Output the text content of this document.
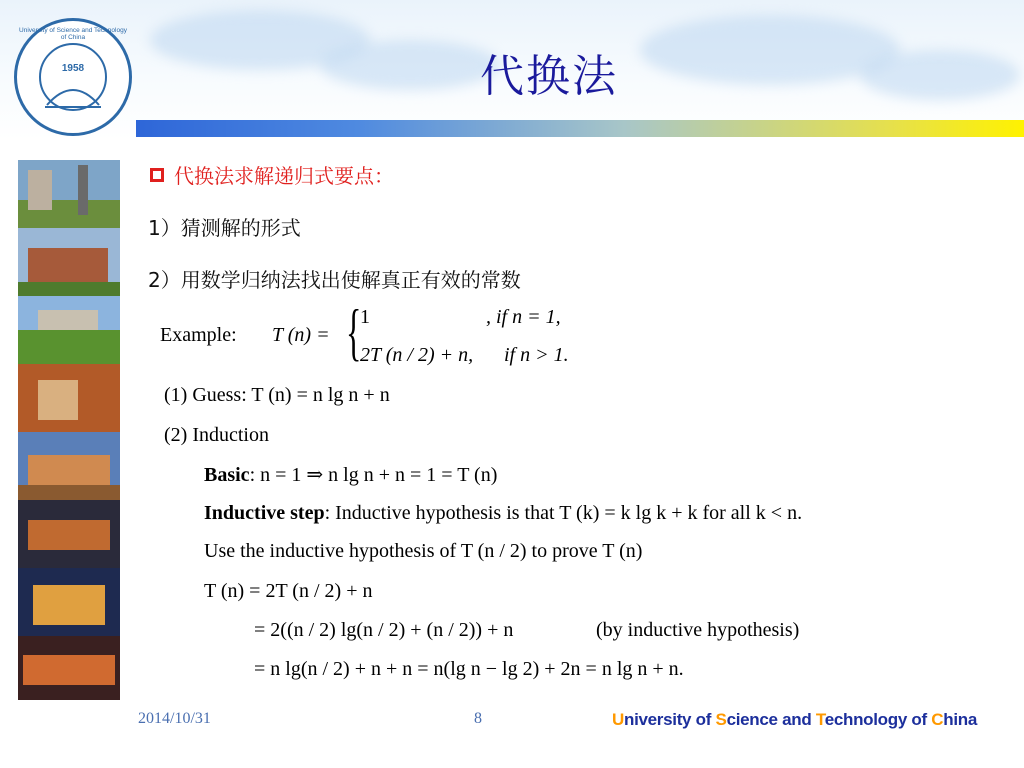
University of Science and Technology of China
1958	代换法
代换法求解递归式要点：
1）猜测解的形式
2）用数学归纳法找出使解真正有效的常数
Example: T (n) = {
1	, if n = 1,
2T (n / 2) + n, if n > 1.
(1) Guess: T (n) = n lg n + n
(2) Induction
Basic: n = 1 ⇒ n lg n + n = 1 = T (n)
Inductive step: Inductive hypothesis is that T (k) = k lg k + k for all k < n.
Use the inductive hypothesis of T (n / 2) to prove T (n)
T (n) = 2T (n / 2) + n
= 2((n / 2) lg(n / 2) + (n / 2)) + n	(by inductive hypothesis)
= n lg(n / 2) + n + n = n(lg n − lg 2) + 2n = n lg n + n.
2014/10/31	8	University of Science and Technology of China
